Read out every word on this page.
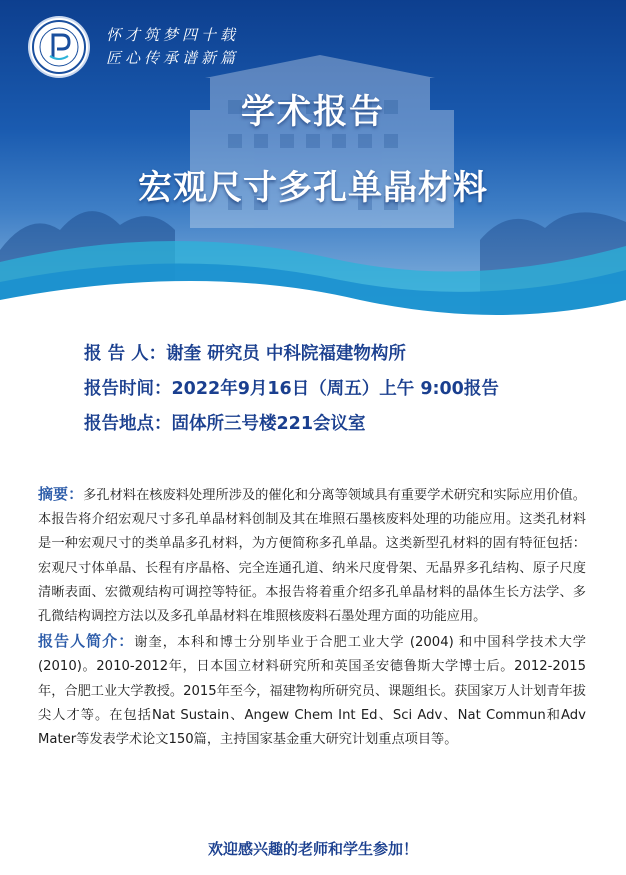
怀才筑梦四十载
匠心传承谱新篇
学术报告
宏观尺寸多孔单晶材料
报 告 人：谢奎 研究员 中科院福建物构所
报告时间：2022年9月16日（周五）上午 9:00报告
报告地点：固体所三号楼221会议室

摘要：多孔材料在核废料处理所涉及的催化和分离等领域具有重要学术研究和实际应用价值。本报告将介绍宏观尺寸多孔单晶材料创制及其在堆照石墨核废料处理的功能应用。这类孔材料是一种宏观尺寸的类单晶多孔材料，为方便简称多孔单晶。这类新型孔材料的固有特征包括：宏观尺寸体单晶、长程有序晶格、完全连通孔道、纳米尺度骨架、无晶界多孔结构、原子尺度清晰表面、宏微观结构可调控等特征。本报告将着重介绍多孔单晶材料的晶体生长方法学、多孔微结构调控方法以及多孔单晶材料在堆照核废料石墨处理方面的功能应用。

报告人简介：谢奎，本科和博士分别毕业于合肥工业大学 (2004) 和中国科学技术大学 (2010)。2010-2012年，日本国立材料研究所和英国圣安德鲁斯大学博士后。2012-2015年，合肥工业大学教授。2015年至今，福建物构所研究员、课题组长。获国家万人计划青年拔尖人才等。在包括Nat Sustain、Angew Chem Int Ed、Sci Adv、Nat Commun和Adv Mater等发表学术论文150篇，主持国家基金重大研究计划重点项目等。

欢迎感兴趣的老师和学生参加！
